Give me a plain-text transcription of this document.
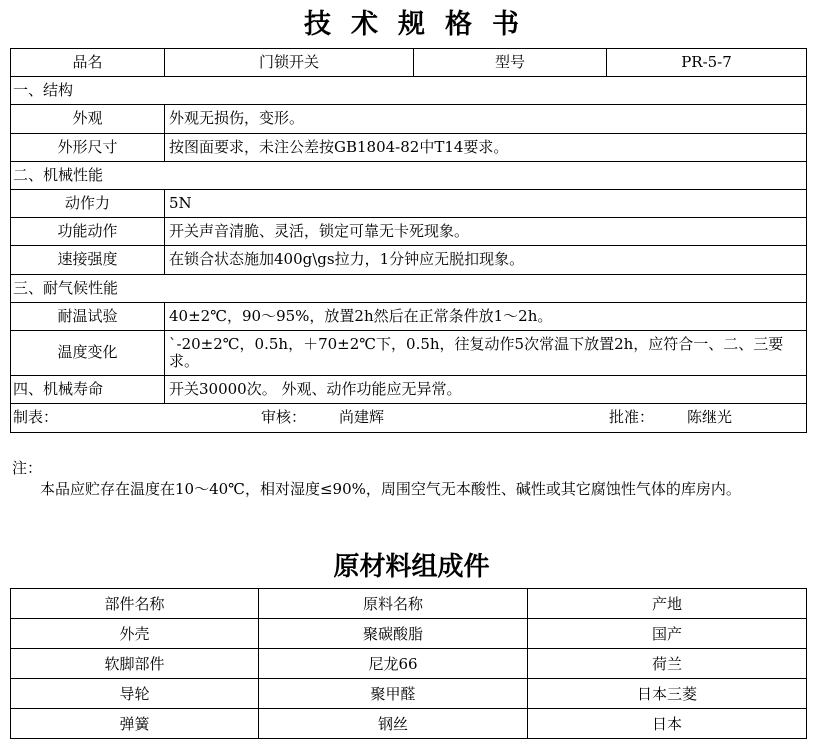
技术规格书
品名	门锁开关	型号	PR-5-7
一、结构			
外观	外观无损伤，变形。		
外形尺寸	按图面要求，未注公差按GB1804-82中T14要求。		
二、机械性能			
动作力	5N		
功能动作	开关声音清脆、灵活，锁定可靠无卡死现象。		
速接强度	在锁合状态施加400g\gs拉力，1分钟应无脱扣现象。		
三、耐气候性能			
耐温试验	40±2℃，90～95%，放置2h然后在正常条件放1～2h。		
温度变化	`-20±2℃，0.5h，＋70±2℃下，0.5h，往复动作5次常温下放置2h，应符合一、二、三要求。		
四、机械寿命	开关30000次。 外观、动作功能应无异常。		

制表： 审核： 尚建辉 批准： 陈继光			

注：

本品应贮存在温度在10～40℃，相对湿度≤90%，周围空气无本酸性、碱性或其它腐蚀性气体的库房内。

原材料组成件
部件名称	原料名称	产地
外壳	聚碳酸脂	国产
软脚部件	尼龙66	荷兰
导轮	聚甲醛	日本三菱
弹簧	钢丝	日本
